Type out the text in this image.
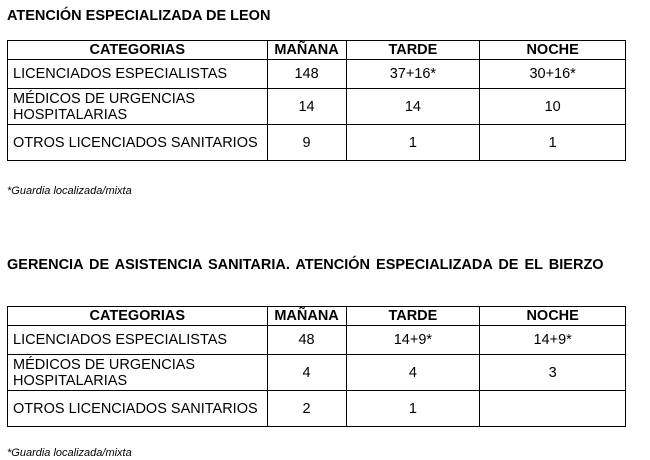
ATENCIÓN ESPECIALIZADA DE LEON
CATEGORIAS	MAÑANA	TARDE	NOCHE
LICENCIADOS ESPECIALISTAS	148	37+16*	30+16*
MÉDICOS DE URGENCIAS HOSPITALARIAS	14	14	10
OTROS LICENCIADOS SANITARIOS	9	1	1
*Guardia localizada/mixta
GERENCIA DE ASISTENCIA SANITARIA. ATENCIÓN ESPECIALIZADA DE EL BIERZO
CATEGORIAS	MAÑANA	TARDE	NOCHE
LICENCIADOS ESPECIALISTAS	48	14+9*	14+9*
MÉDICOS DE URGENCIAS HOSPITALARIAS	4	4	3
OTROS LICENCIADOS SANITARIOS	2	1	
*Guardia localizada/mixta
